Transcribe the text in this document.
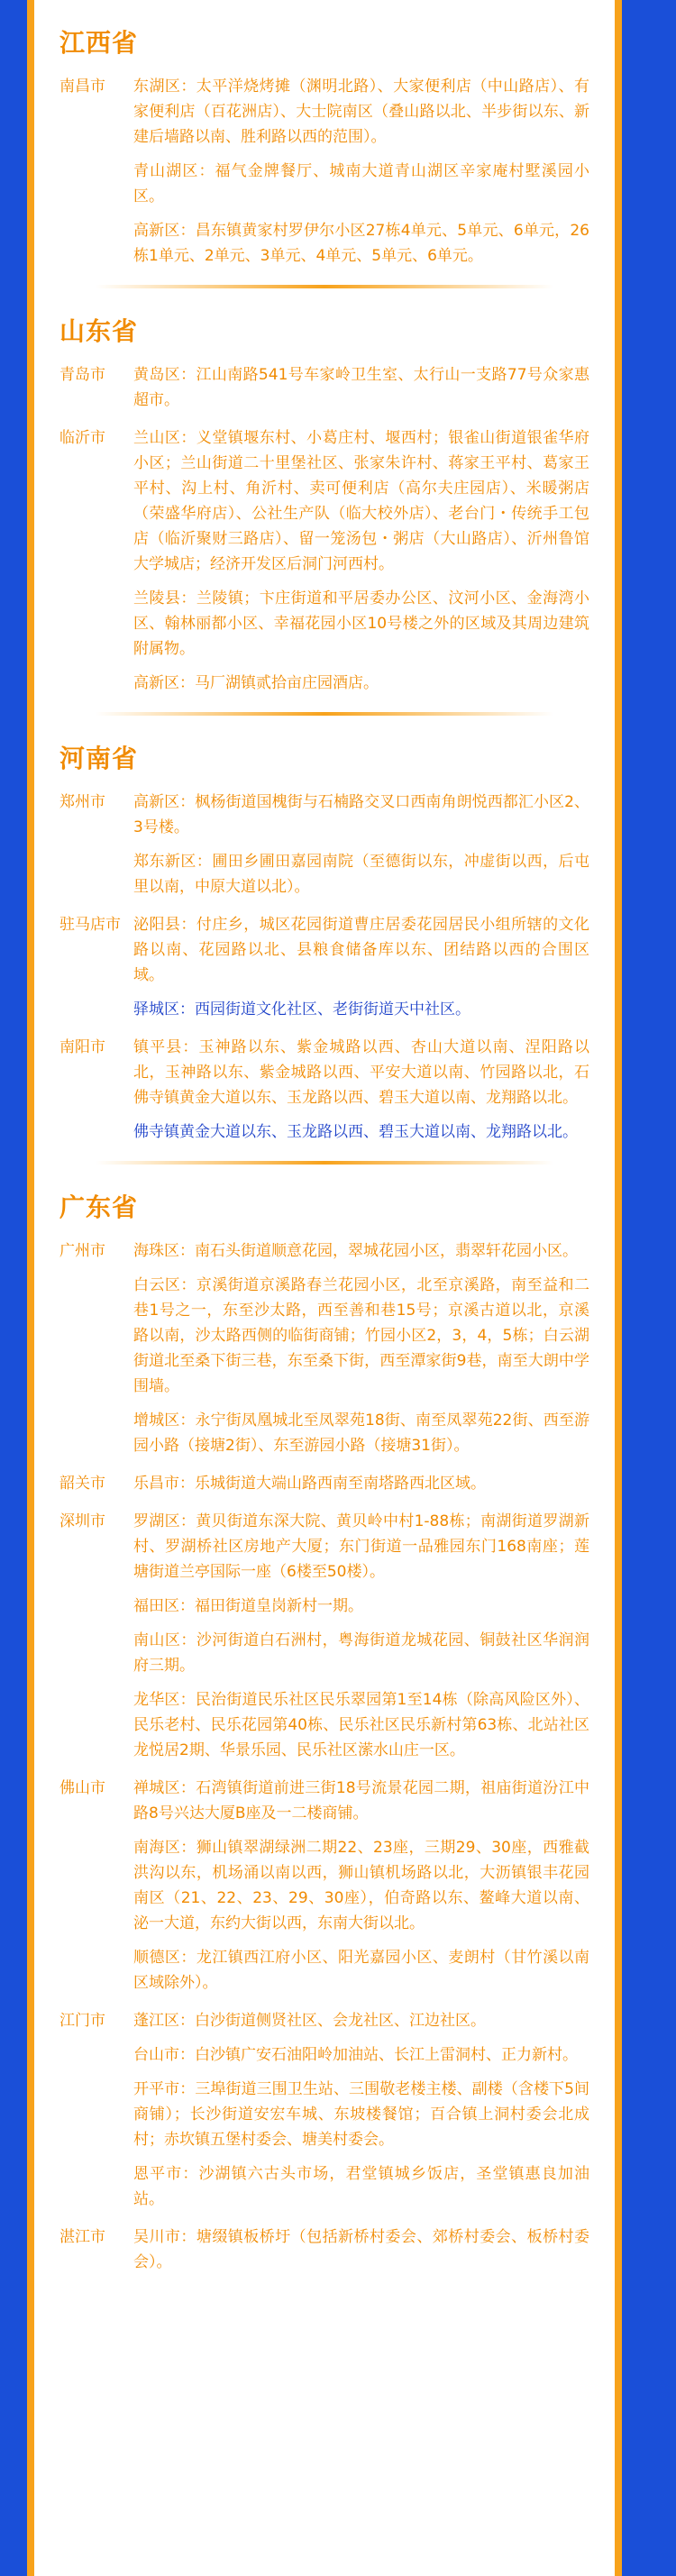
江西省
南昌市	东湖区：太平洋烧烤摊（渊明北路）、大家便利店（中山路店）、有家便利店（百花洲店）、大士院南区（叠山路以北、半步街以东、新建后墙路以南、胜利路以西的范围）。

青山湖区：福气金牌餐厅、城南大道青山湖区辛家庵村墅溪园小区。

高新区：昌东镇黄家村罗伊尔小区27栋4单元、5单元、6单元，26栋1单元、2单元、3单元、4单元、5单元、6单元。

山东省
青岛市	黄岛区：江山南路541号车家岭卫生室、太行山一支路77号众家惠超市。

临沂市	兰山区：义堂镇堰东村、小葛庄村、堰西村；银雀山街道银雀华府小区；兰山街道二十里堡社区、张家朱许村、蒋家王平村、葛家王平村、沟上村、角沂村、卖可便利店（高尔夫庄园店）、米暖粥店（荣盛华府店）、公社生产队（临大校外店）、老台门・传统手工包店（临沂聚财三路店）、留一笼汤包・粥店（大山路店）、沂州鲁馆大学城店；经济开发区后洞门河西村。

兰陵县：兰陵镇；卞庄街道和平居委办公区、汶河小区、金海湾小区、翰林丽都小区、幸福花园小区10号楼之外的区域及其周边建筑附属物。

高新区：马厂湖镇贰拾亩庄园酒店。

河南省
郑州市	高新区：枫杨街道国槐街与石楠路交叉口西南角朗悦西都汇小区2、3号楼。

郑东新区：圃田乡圃田嘉园南院（至德街以东，冲虚街以西，后屯里以南，中原大道以北）。

驻马店市 泌阳县：付庄乡，城区花园街道曹庄居委花园居民小组所辖的文化路以南、花园路以北、县粮食储备库以东、团结路以西的合围区域。

驿城区：西园街道文化社区、老街街道天中社区。

南阳市	镇平县：玉神路以东、紫金城路以西、杏山大道以南、涅阳路以北，玉神路以东、紫金城路以西、平安大道以南、竹园路以北，石佛寺镇黄金大道以东、玉龙路以西、碧玉大道以南、龙翔路以北。

佛寺镇黄金大道以东、玉龙路以西、碧玉大道以南、龙翔路以北。

广东省
广州市	海珠区：南石头街道顺意花园，翠城花园小区，翡翠轩花园小区。

白云区：京溪街道京溪路春兰花园小区，北至京溪路，南至益和二巷1号之一，东至沙太路，西至善和巷15号；京溪古道以北，京溪路以南，沙太路西侧的临街商铺；竹园小区2，3，4，5栋；白云湖街道北至桑下街三巷，东至桑下街，西至潭家街9巷，南至大朗中学围墙。

增城区：永宁街凤凰城北至凤翠苑18街、南至凤翠苑22街、西至游园小路（接塘2街）、东至游园小路（接塘31街）。

韶关市	乐昌市：乐城街道大端山路西南至南塔路西北区域。

深圳市	罗湖区：黄贝街道东深大院、黄贝岭中村1-88栋；南湖街道罗湖新村、罗湖桥社区房地产大厦；东门街道一品雅园东门168南座；莲塘街道兰亭国际一座（6楼至50楼）。

福田区：福田街道皇岗新村一期。

南山区：沙河街道白石洲村，粤海街道龙城花园、铜鼓社区华润润府三期。

龙华区：民治街道民乐社区民乐翠园第1至14栋（除高风险区外）、民乐老村、民乐花园第40栋、民乐社区民乐新村第63栋、北站社区龙悦居2期、华景乐园、民乐社区潆水山庄一区。

佛山市	禅城区：石湾镇街道前进三街18号流景花园二期，祖庙街道汾江中路8号兴达大厦B座及一二楼商铺。

南海区：狮山镇翠湖绿洲二期22、23座，三期29、30座，西雅截洪沟以东，机场涌以南以西，狮山镇机场路以北，大沥镇银丰花园南区（21、22、23、29、30座），伯奇路以东、鳌峰大道以南、泌一大道，东约大街以西，东南大街以北。

顺德区：龙江镇西江府小区、阳光嘉园小区、麦朗村（甘竹溪以南区域除外）。

江门市	蓬江区：白沙街道侧贤社区、会龙社区、江边社区。

台山市：白沙镇广安石油阳岭加油站、长江上雷洞村、正力新村。

开平市：三埠街道三围卫生站、三围敬老楼主楼、副楼（含楼下5间商铺）；长沙街道安宏车城、东坡楼餐馆；百合镇上洞村委会北成村；赤坎镇五堡村委会、塘美村委会。

恩平市：沙湖镇六古头市场，君堂镇城乡饭店，圣堂镇惠良加油站。

湛江市	吴川市：塘缀镇板桥圩（包括新桥村委会、郊桥村委会、板桥村委会）。
